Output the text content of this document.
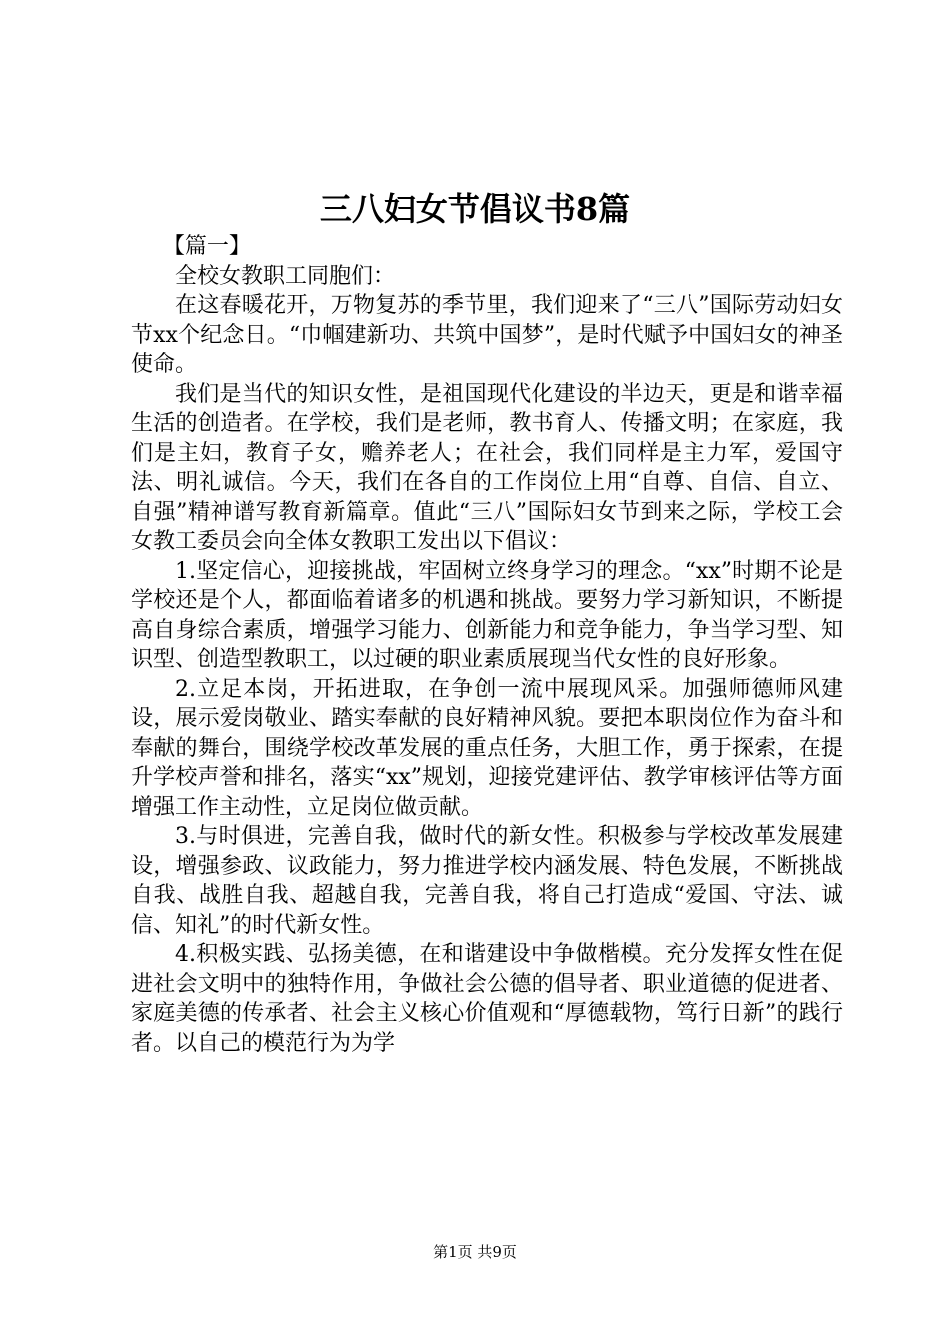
三八妇女节倡议书8篇

【篇一】

全校女教职工同胞们：

在这春暖花开，万物复苏的季节里，我们迎来了“三八”国际劳动妇女节xx个纪念日。“巾帼建新功、共筑中国梦”，是时代赋予中国妇女的神圣使命。

我们是当代的知识女性，是祖国现代化建设的半边天，更是和谐幸福生活的创造者。在学校，我们是老师，教书育人、传播文明；在家庭，我们是主妇，教育子女，赡养老人；在社会，我们同样是主力军，爱国守法、明礼诚信。今天，我们在各自的工作岗位上用“自尊、自信、自立、自强”精神谱写教育新篇章。值此“三八”国际妇女节到来之际，学校工会女教工委员会向全体女教职工发出以下倡议：

1.坚定信心，迎接挑战，牢固树立终身学习的理念。“xx”时期不论是学校还是个人，都面临着诸多的机遇和挑战。要努力学习新知识，不断提高自身综合素质，增强学习能力、创新能力和竞争能力，争当学习型、知识型、创造型教职工，以过硬的职业素质展现当代女性的良好形象。

2.立足本岗，开拓进取，在争创一流中展现风采。加强师德师风建设，展示爱岗敬业、踏实奉献的良好精神风貌。要把本职岗位作为奋斗和奉献的舞台，围绕学校改革发展的重点任务，大胆工作，勇于探索，在提升学校声誉和排名，落实“xx”规划，迎接党建评估、教学审核评估等方面增强工作主动性，立足岗位做贡献。

3.与时俱进，完善自我，做时代的新女性。积极参与学校改革发展建设，增强参政、议政能力，努力推进学校内涵发展、特色发展，不断挑战自我、战胜自我、超越自我，完善自我，将自己打造成“爱国、守法、诚信、知礼”的时代新女性。

4.积极实践、弘扬美德，在和谐建设中争做楷模。充分发挥女性在促进社会文明中的独特作用，争做社会公德的倡导者、职业道德的促进者、家庭美德的传承者、社会主义核心价值观和“厚德载物，笃行日新”的践行者。以自己的模范行为为学

第1页 共9页
